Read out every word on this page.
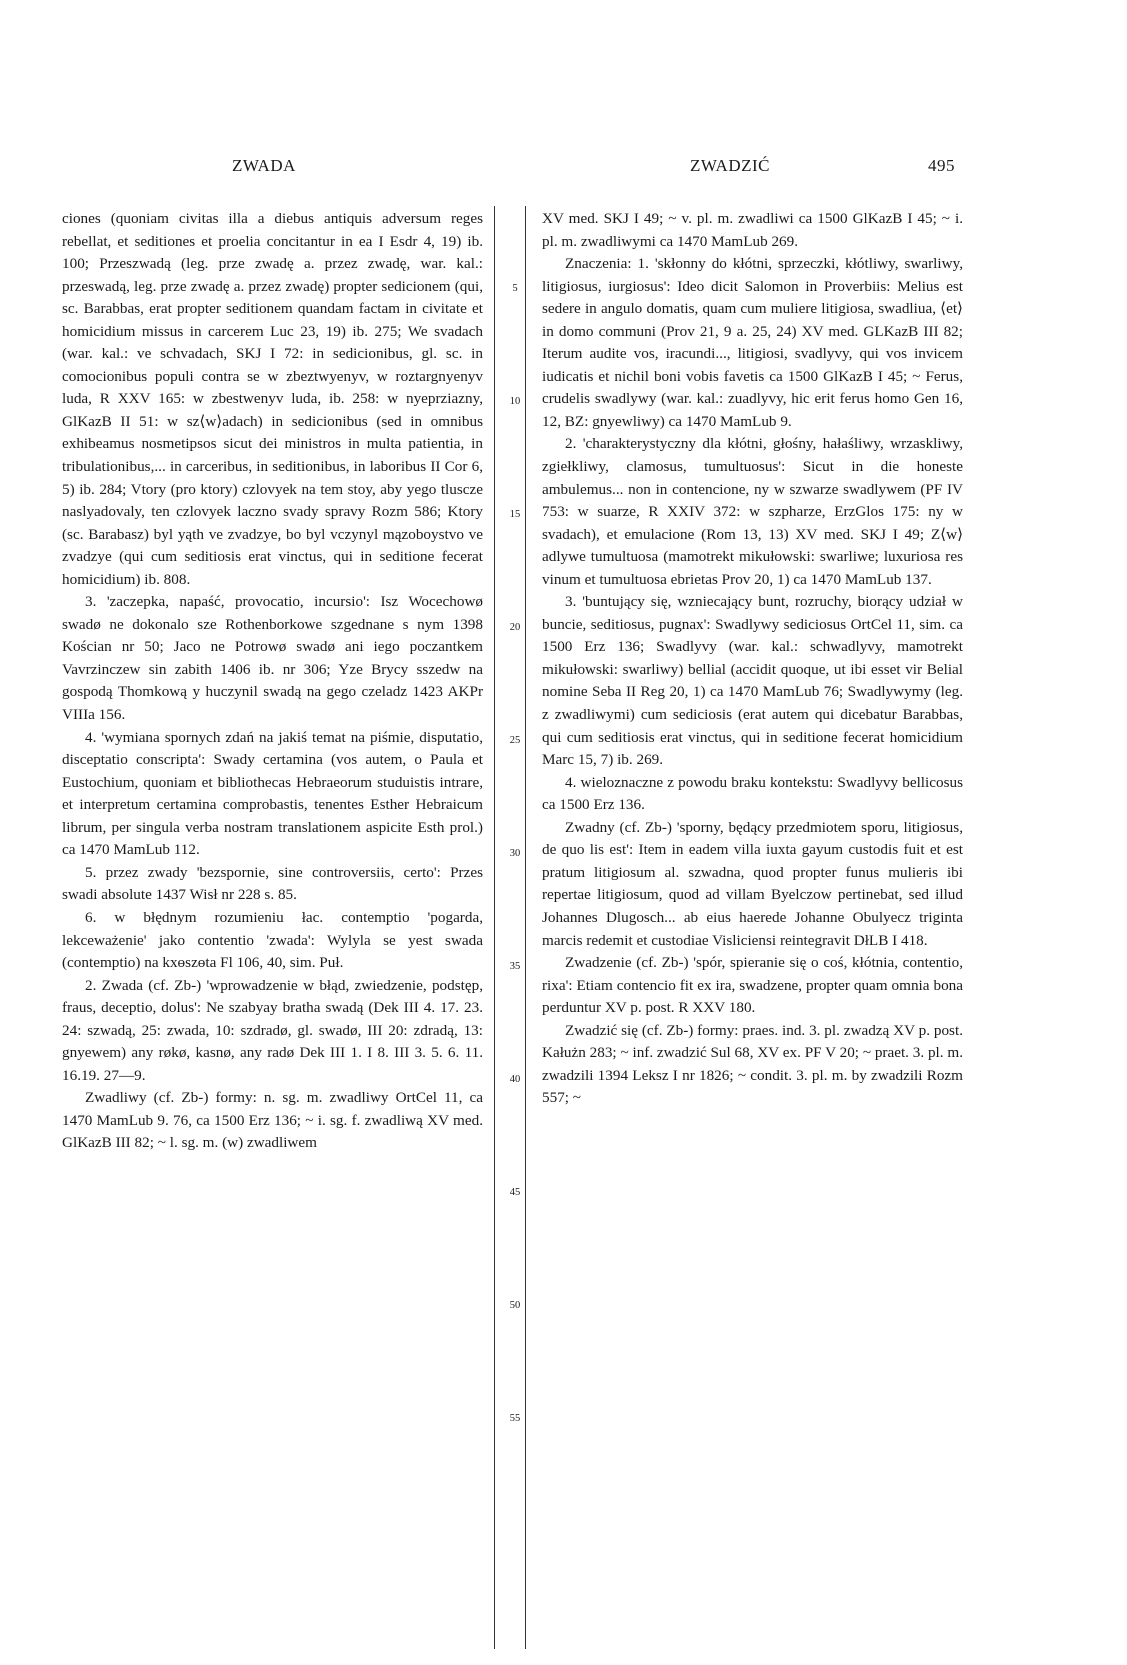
ZWADA	ZWADZIĆ	495

ciones (quoniam civitas illa a diebus antiquis adversum reges rebellat, et seditiones et proelia concitantur in ea I Esdr 4, 19) ib. 100; Przeszwadą (leg. prze zwadę a. przez zwadę, war. kal.: przeswadą, leg. prze zwadę a. przez zwadę) propter sedicionem (qui, sc. Barabbas, erat propter seditionem quandam factam in civitate et homicidium missus in carcerem Luc 23, 19) ib. 275; We svadach (war. kal.: ve schvadach, SKJ I 72: in sedicionibus, gl. sc. in comocionibus populi contra se w zbeztwyenyv, w roztargnyenyv luda, R XXV 165: w zbestwenyv luda, ib. 258: w nyeprziazny, GlKazB II 51: w sz⟨w⟩adach) in sedicionibus (sed in omnibus exhibeamus nosmetipsos sicut dei ministros in multa patientia, in tribulationibus,... in carceribus, in seditionibus, in laboribus II Cor 6, 5) ib. 284; Vtory (pro ktory) czlovyek na tem stoy, aby yego tluscze naslyadovaly, ten czlovyek laczno svady spravy Rozm 586; Ktory (sc. Barabasz) byl yąth ve zvadzye, bo byl vczynyl mązoboystvo ve zvadzye (qui cum seditiosis erat vinctus, qui in seditione fecerat homicidium) ib. 808.

3. 'zaczepka, napaść, provocatio, incursio': Isz Wocechowø swadø ne dokonalo sze Rothenborkowe szgednane s nym 1398 Kościan nr 50; Jaco ne Potrowø swadø ani iego poczantkem Vavrzinczew sin zabith 1406 ib. nr 306; Yze Brycy sszedw na gospodą Thomkową y huczynil swadą na gego czeladz 1423 AKPr VIIIa 156.

4. 'wymiana spornych zdań na jakiś temat na piśmie, disputatio, disceptatio conscripta': Swady certamina (vos autem, o Paula et Eustochium, quoniam et bibliothecas Hebraeorum studuistis intrare, et interpretum certamina comprobastis, tenentes Esther Hebraicum librum, per singula verba nostram translationem aspicite Esth prol.) ca 1470 MamLub 112.

5. przez zwady 'bezspornie, sine controversiis, certo': Przes swadi absolute 1437 Wisł nr 228 s. 85.

6. w błędnym rozumieniu łac. contemptio 'pogarda, lekceważenie' jako contentio 'zwada': Wylyla se yest swada (contemptio) na kxөszөta Fl 106, 40, sim. Puł.

2. Zwada (cf. Zb-) 'wprowadzenie w błąd, zwiedzenie, podstęp, fraus, deceptio, dolus': Ne szabyay bratha swadą (Dek III 4. 17. 23. 24: szwadą, 25: zwada, 10: szdradø, gl. swadø, III 20: zdradą, 13: gnyewem) any røkø, kasnø, any radø Dek III 1. I 8. III 3. 5. 6. 11. 16.19. 27—9.

Zwadliwy (cf. Zb-) formy: n. sg. m. zwadliwy OrtCel 11, ca 1470 MamLub 9. 76, ca 1500 Erz 136; ~ i. sg. f. zwadliwą XV med. GlKazB III 82; ~ l. sg. m. (w) zwadliwem

5
10
15
20
25
30
35
40
45
50
55

XV med. SKJ I 49; ~ v. pl. m. zwadliwi ca 1500 GlKazB I 45; ~ i. pl. m. zwadliwymi ca 1470 MamLub 269.

Znaczenia: 1. 'skłonny do kłótni, sprzeczki, kłótliwy, swarliwy, litigiosus, iurgiosus': Ideo dicit Salomon in Proverbiis: Melius est sedere in angulo domatis, quam cum muliere litigiosa, swadliua, ⟨et⟩ in domo communi (Prov 21, 9 a. 25, 24) XV med. GLKazB III 82; Iterum audite vos, iracundi..., litigiosi, svadlyvy, qui vos invicem iudicatis et nichil boni vobis favetis ca 1500 GlKazB I 45; ~ Ferus, crudelis swadlywy (war. kal.: zuadlyvy, hic erit ferus homo Gen 16, 12, BZ: gnyewliwy) ca 1470 MamLub 9.

2. 'charakterystyczny dla kłótni, głośny, hałaśliwy, wrzaskliwy, zgiełkliwy, clamosus, tumultuosus': Sicut in die honeste ambulemus... non in contencione, ny w szwarze swadlywem (PF IV 753: w suarze, R XXIV 372: w szpharze, ErzGlos 175: ny w svadach), et emulacione (Rom 13, 13) XV med. SKJ I 49; Z⟨w⟩adlywe tumultuosa (mamotrekt mikułowski: swarliwe; luxuriosa res vinum et tumultuosa ebrietas Prov 20, 1) ca 1470 MamLub 137.

3. 'buntujący się, wzniecający bunt, rozruchy, biorący udział w buncie, seditiosus, pugnax': Swadlywy sediciosus OrtCel 11, sim. ca 1500 Erz 136; Swadlyvy (war. kal.: schwadlyvy, mamotrekt mikułowski: swarliwy) bellial (accidit quoque, ut ibi esset vir Belial nomine Seba II Reg 20, 1) ca 1470 MamLub 76; Swadlywymy (leg. z zwadliwymi) cum sediciosis (erat autem qui dicebatur Barabbas, qui cum seditiosis erat vinctus, qui in seditione fecerat homicidium Marc 15, 7) ib. 269.

4. wieloznaczne z powodu braku kontekstu: Swadlyvy bellicosus ca 1500 Erz 136.

Zwadny (cf. Zb-) 'sporny, będący przedmiotem sporu, litigiosus, de quo lis est': Item in eadem villa iuxta gayum custodis fuit et est pratum litigiosum al. szwadna, quod propter funus mulieris ibi repertae litigiosum, quod ad villam Byelczow pertinebat, sed illud Johannes Dlugosch... ab eius haerede Johanne Obulyecz triginta marcis redemit et custodiae Visliciensi reintegravit DłLB I 418.

Zwadzenie (cf. Zb-) 'spór, spieranie się o coś, kłótnia, contentio, rixa': Etiam contencio fit ex ira, swadzene, propter quam omnia bona perduntur XV p. post. R XXV 180.

Zwadzić się (cf. Zb-) formy: praes. ind. 3. pl. zwadzą XV p. post. Kałużn 283; ~ inf. zwadzić Sul 68, XV ex. PF V 20; ~ praet. 3. pl. m. zwadzili 1394 Leksz I nr 1826; ~ condit. 3. pl. m. by zwadzili Rozm 557; ~
